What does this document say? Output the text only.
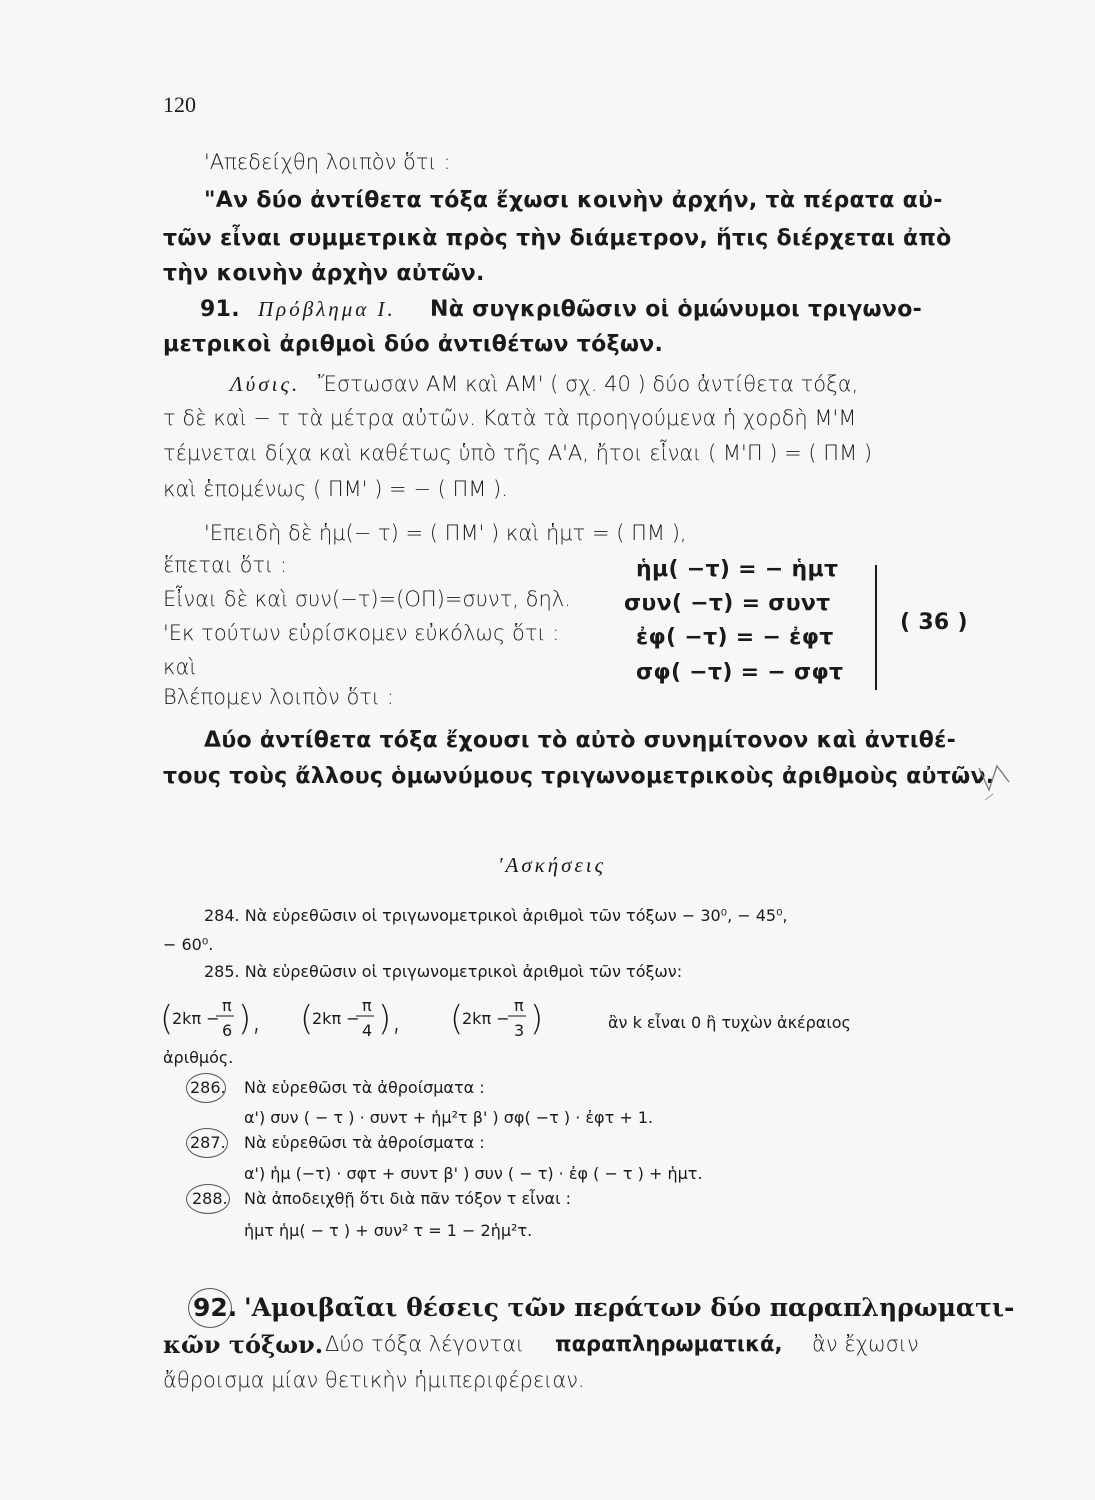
120
'Απεδείχθη λοιπὸν ὅτι :
"Αν δύο ἀντίθετα τόξα ἔχωσι κοινὴν ἀρχήν, τὰ πέρατα αὐ-
τῶν εἶναι συμμετρικὰ πρὸς τὴν διάμετρον, ἥτις διέρχεται ἀπὸ
τὴν κοινὴν ἀρχὴν αὐτῶν.
91. Πρόβλημα Ι. Νὰ συγκριθῶσιν οἱ ὁμώνυμοι τριγωνο-
μετρικοὶ ἀριθμοὶ δύο ἀντιθέτων τόξων.
Λύσις. Ἔστωσαν ΑΜ καὶ ΑΜ' ( σχ. 40 ) δύο ἀντίθετα τόξα,
τ δὲ καὶ − τ τὰ μέτρα αὐτῶν. Κατὰ τὰ προηγούμενα ἡ χορδὴ Μ'Μ
τέμνεται δίχα καὶ καθέτως ὑπὸ τῆς Α'Α, ἤτοι εἶναι ( Μ'Π ) = ( ΠΜ )
καὶ ἑπομένως ( ΠΜ' ) = − ( ΠΜ ).
'Επειδὴ δὲ ἡμ(− τ) = ( ΠΜ' ) καὶ ἡμτ = ( ΠΜ ),
ἕπεται ὅτι :
Εἶναι δὲ καὶ συν(−τ)=(ΟΠ)=συντ, δηλ.
'Εκ τούτων εὑρίσκομεν εὐκόλως ὅτι :
καὶ
Βλέπομεν λοιπὸν ὅτι :
ἡμ( −τ) = − ἡμτ
συν( −τ) = συντ
ἐφ( −τ) = − ἐφτ
σφ( −τ) = − σφτ
( 36 )
Δύο ἀντίθετα τόξα ἔχουσι τὸ αὐτὸ συνημίτονον καὶ ἀντιθέ-
τους τοὺς ἄλλους ὁμωνύμους τριγωνομετρικοὺς ἀριθμοὺς αὐτῶν.
'Ασκήσεις
284. Νὰ εὑρεθῶσιν οἱ τριγωνομετρικοὶ ἀριθμοὶ τῶν τόξων − 30⁰, − 45⁰,
− 60⁰.
285. Νὰ εὑρεθῶσιν οἱ τριγωνομετρικοὶ ἀριθμοὶ τῶν τόξων:
(
2kπ −
π
6 ), (
2kπ −
π
4 ), (
2kπ −
π
3 )	ἂν k εἶναι 0 ἢ τυχὼν ἀκέραιος
ἀριθμός.
286. Νὰ εὑρεθῶσι τὰ ἀθροίσματα :
α') συν ( − τ ) · συντ + ἡμ²τ β' ) σφ( −τ ) · ἐφτ + 1.
287. Νὰ εὑρεθῶσι τὰ ἀθροίσματα :
α') ἡμ (−τ) · σφτ + συντ β' ) συν ( − τ) · ἐφ ( − τ ) + ἡμτ.
288. Νὰ ἀποδειχθῇ ὅτι διὰ πᾶν τόξον τ εἶναι :
ἡμτ ἡμ( − τ ) + συν² τ = 1 − 2ἡμ²τ.
92. 'Αμοιβαῖαι θέσεις τῶν περάτων δύο παραπληρωματι-
κῶν τόξων. Δύο τόξα λέγονται παραπληρωματικά, ἂν ἔχωσιν
ἄθροισμα μίαν θετικὴν ἡμιπεριφέρειαν.
